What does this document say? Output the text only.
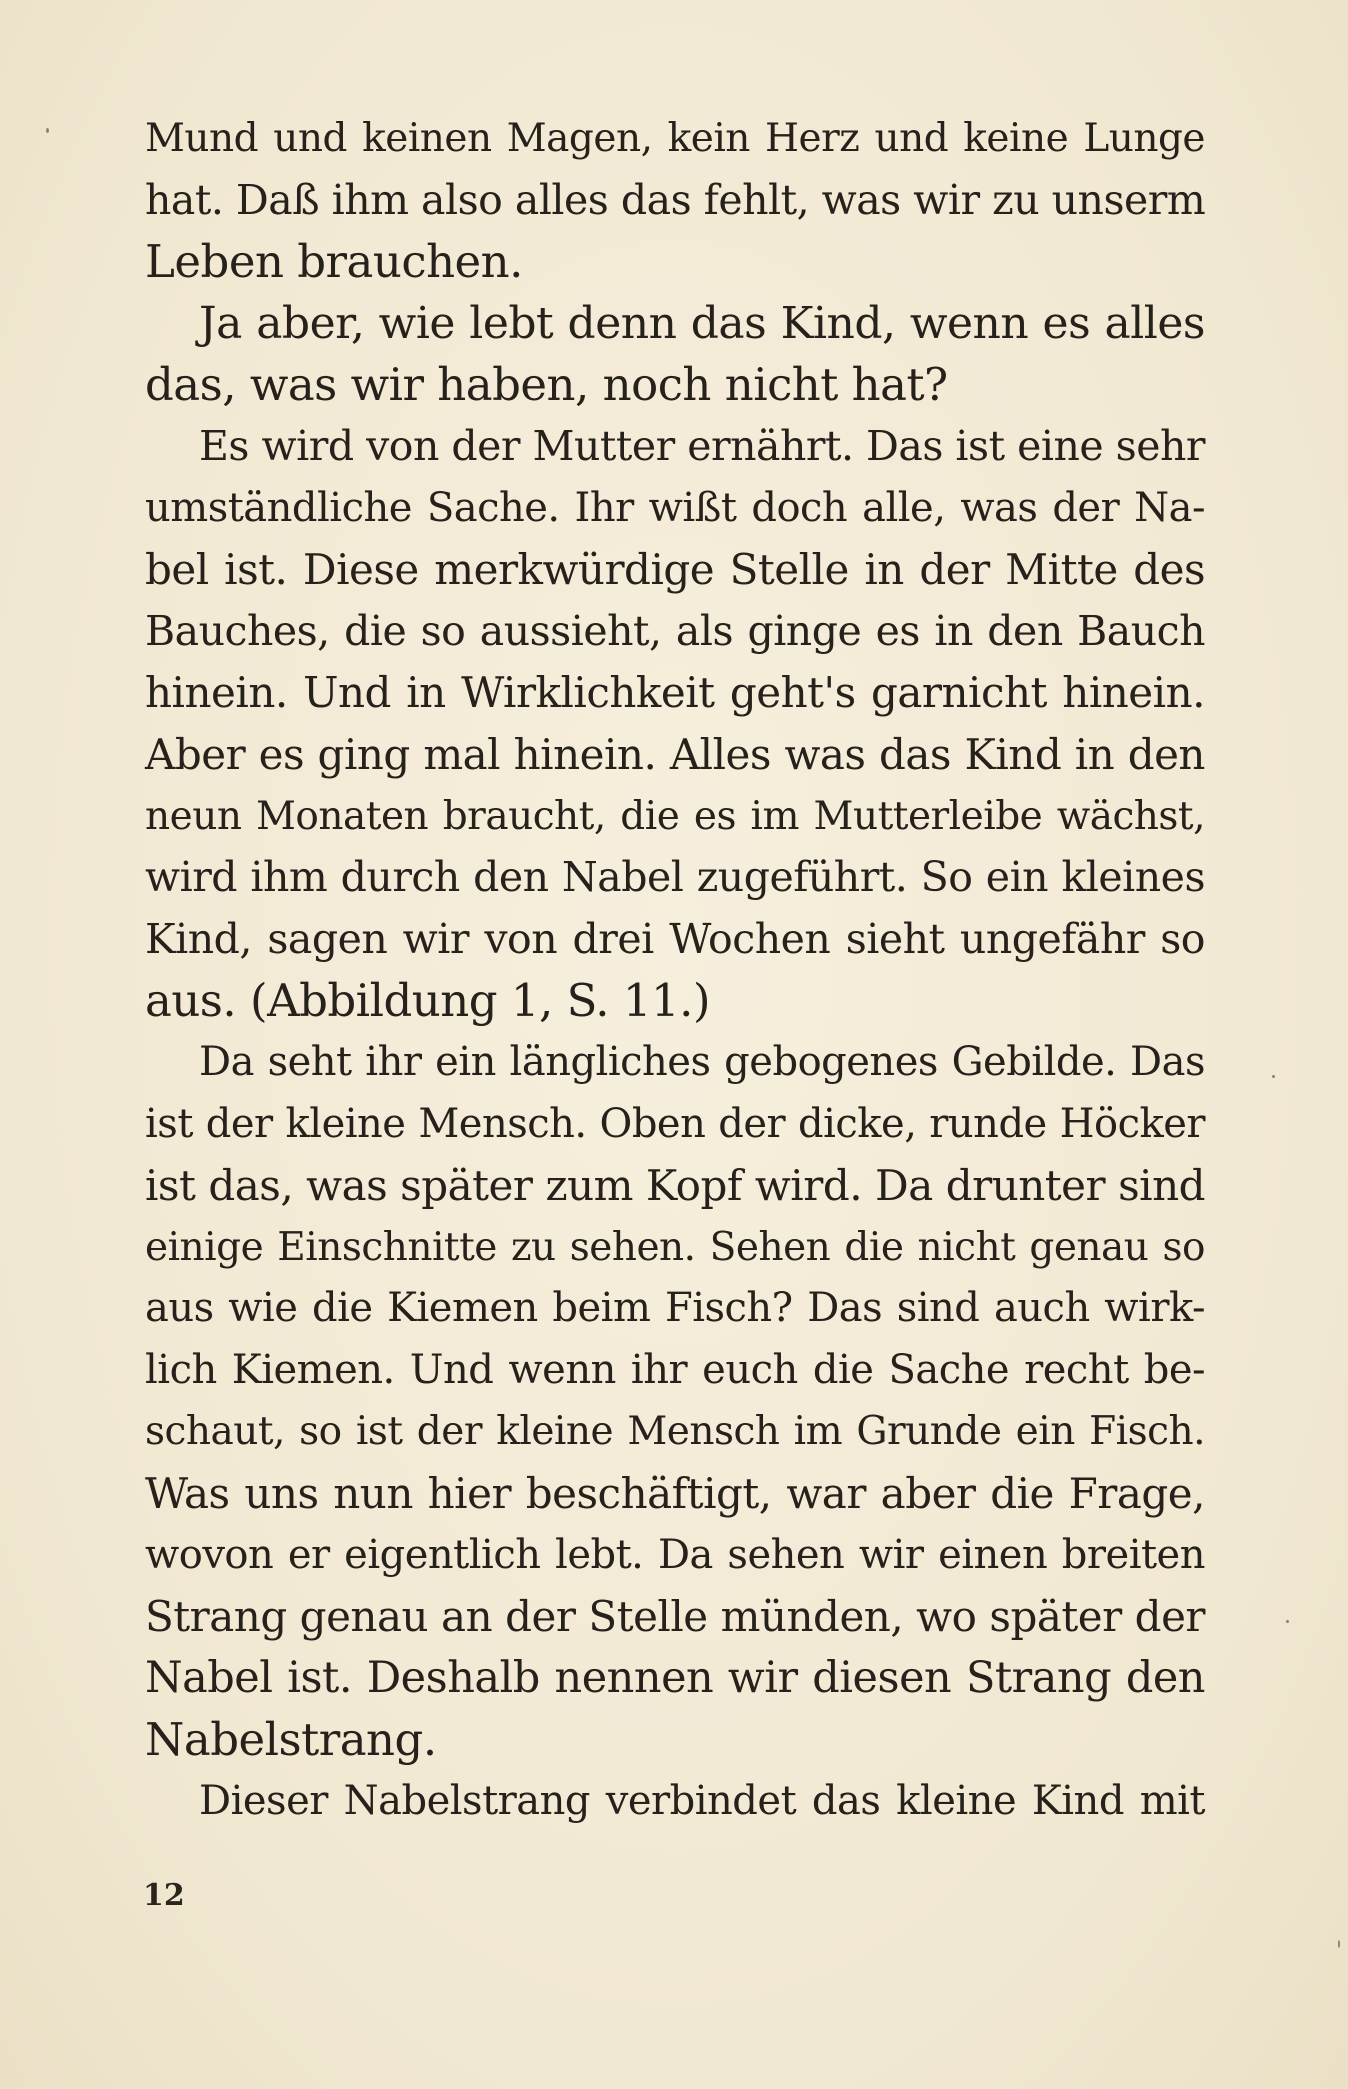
Mund und keinen Magen, kein Herz und keine Lunge
hat. Daß ihm also alles das fehlt, was wir zu unserm
Leben brauchen.
Ja aber, wie lebt denn das Kind, wenn es alles
das, was wir haben, noch nicht hat?
Es wird von der Mutter ernährt. Das ist eine sehr
umständliche Sache. Ihr wißt doch alle, was der Na-
bel ist. Diese merkwürdige Stelle in der Mitte des
Bauches, die so aussieht, als ginge es in den Bauch
hinein. Und in Wirklichkeit geht's garnicht hinein.
Aber es ging mal hinein. Alles was das Kind in den
neun Monaten braucht, die es im Mutterleibe wächst,
wird ihm durch den Nabel zugeführt. So ein kleines
Kind, sagen wir von drei Wochen sieht ungefähr so
aus. (Abbildung 1, S. 11.)
Da seht ihr ein längliches gebogenes Gebilde. Das
ist der kleine Mensch. Oben der dicke, runde Höcker
ist das, was später zum Kopf wird. Da drunter sind
einige Einschnitte zu sehen. Sehen die nicht genau so
aus wie die Kiemen beim Fisch? Das sind auch wirk-
lich Kiemen. Und wenn ihr euch die Sache recht be-
schaut, so ist der kleine Mensch im Grunde ein Fisch.
Was uns nun hier beschäftigt, war aber die Frage,
wovon er eigentlich lebt. Da sehen wir einen breiten
Strang genau an der Stelle münden, wo später der
Nabel ist. Deshalb nennen wir diesen Strang den
Nabelstrang.
Dieser Nabelstrang verbindet das kleine Kind mit
12
